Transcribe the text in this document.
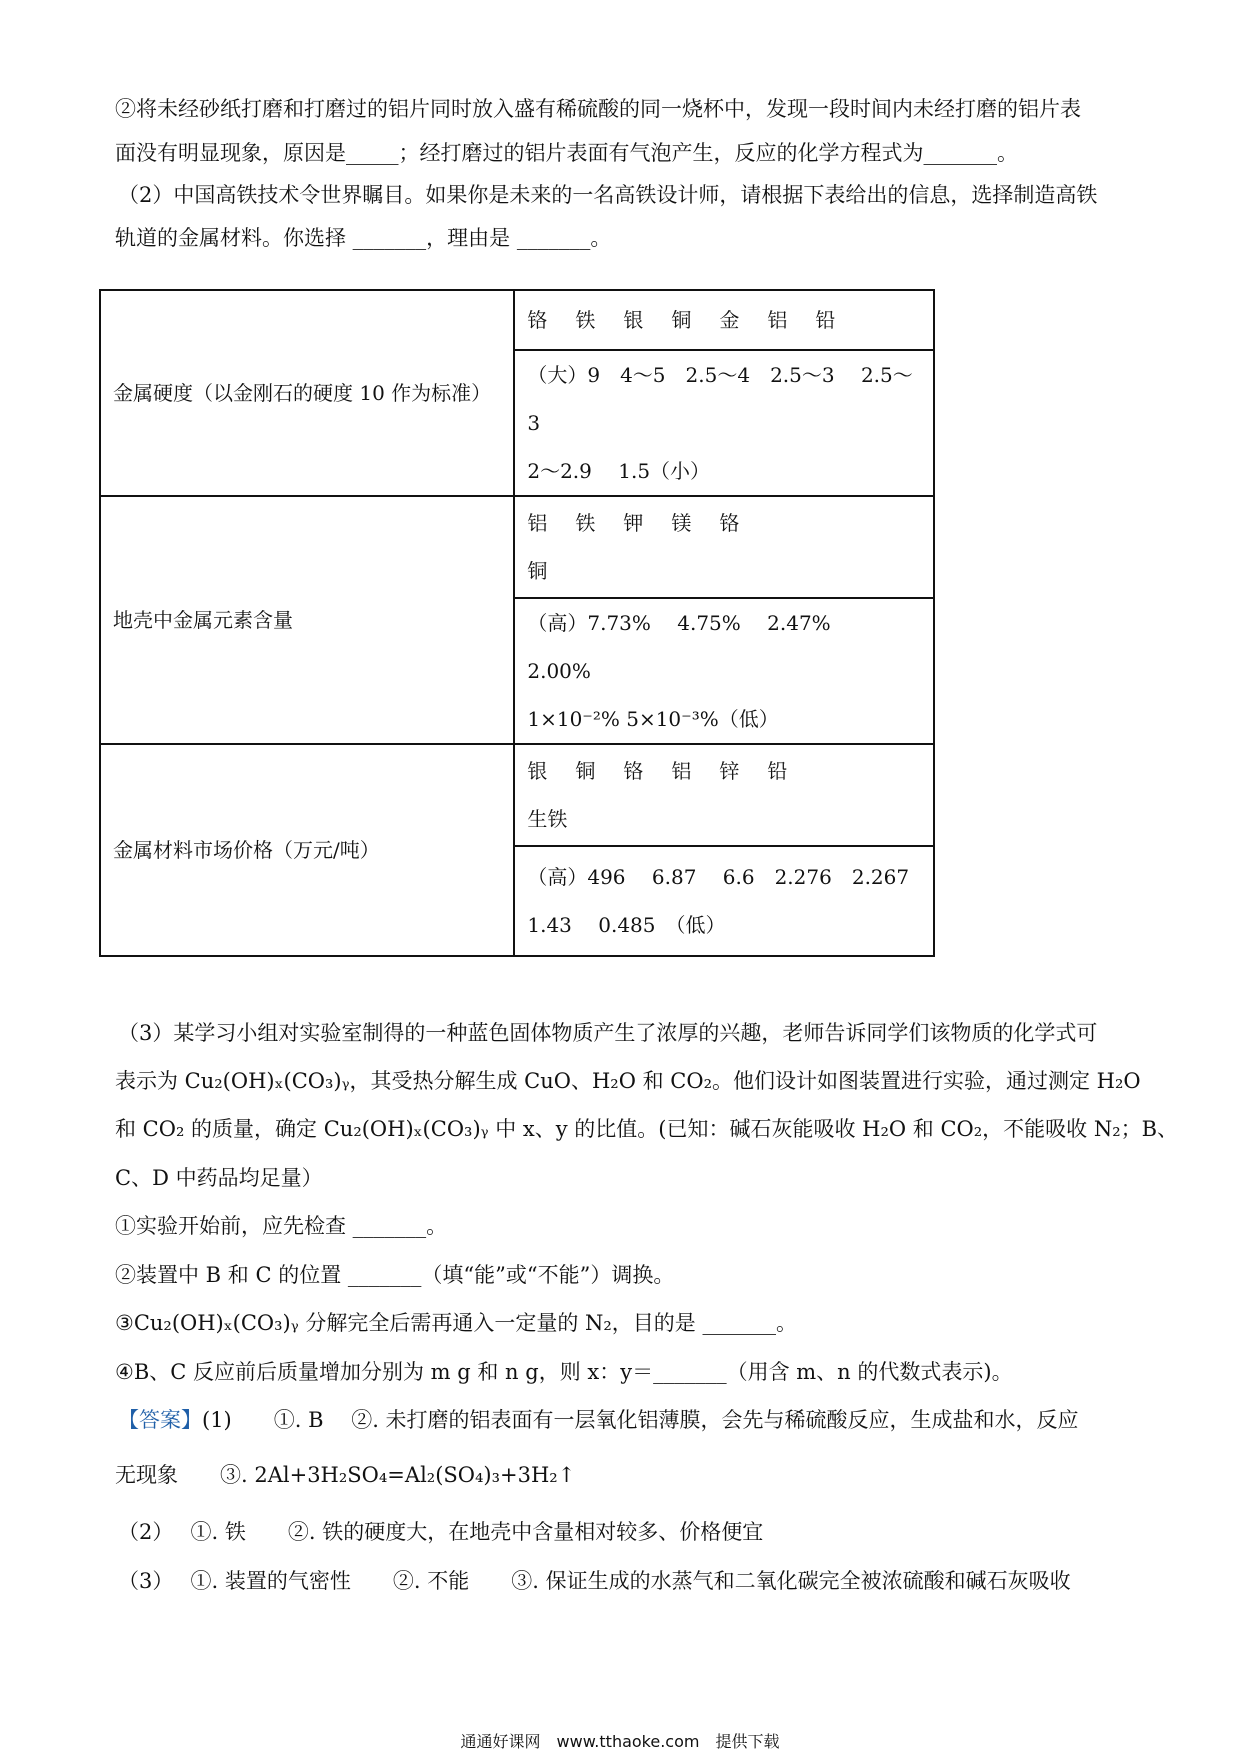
②将未经砂纸打磨和打磨过的铝片同时放入盛有稀硫酸的同一烧杯中，发现一段时间内未经打磨的铝片表
面没有明显现象，原因是_____；经打磨过的铝片表面有气泡产生，反应的化学方程式为_______。
（2）中国高铁技术令世界瞩目。如果你是未来的一名高铁设计师，请根据下表给出的信息，选择制造高铁
轨道的金属材料。你选择 _______，理由是 _______。
金属硬度（以金刚石的硬度 10 作为标准）	铬 铁 银 铜 金 铝 铅

	（大）9　4～5　2.5～4　2.5～3　 2.5～3
2～2.9　 1.5（小）

地壳中金属元素含量	铝 铁 钾 镁 铬
铜

	（高）7.73%　 4.75%　 2.47%　　2.00%
1×10⁻²% 5×10⁻³%（低）

金属材料市场价格（万元/吨）	银 铜 铬 铝 锌 铅
生铁

	（高）496　 6.87　 6.6　2.276　2.267
1.43　 0.485　（低）
（3）某学习小组对实验室制得的一种蓝色固体物质产生了浓厚的兴趣，老师告诉同学们该物质的化学式可
表示为 Cu₂(OH)ₓ(CO₃)ᵧ，其受热分解生成 CuO、H₂O 和 CO₂。他们设计如图装置进行实验，通过测定 H₂O
和 CO₂ 的质量，确定 Cu₂(OH)ₓ(CO₃)ᵧ 中 x、y 的比值。(已知：碱石灰能吸收 H₂O 和 CO₂，不能吸收 N₂；B、
C、D 中药品均足量）
①实验开始前，应先检查 _______。
②装置中 B 和 C 的位置 _______（填“能”或“不能”）调换。
③Cu₂(OH)ₓ(CO₃)ᵧ 分解完全后需再通入一定量的 N₂，目的是 _______。
④B、C 反应前后质量增加分别为 m g 和 n g，则 x：y＝_______（用含 m、n 的代数式表示)。
【答案】(1)　　①. B　 ②. 未打磨的铝表面有一层氧化铝薄膜，会先与稀硫酸反应，生成盐和水，反应
无现象　　③. 2Al+3H₂SO₄=Al₂(SO₄)₃+3H₂↑
（2）　 ①. 铁　　②. 铁的硬度大，在地壳中含量相对较多、价格便宜
（3）　 ①. 装置的气密性　　②. 不能　　③. 保证生成的水蒸气和二氧化碳完全被浓硫酸和碱石灰吸收
通通好课网　www.tthaoke.com　提供下载
